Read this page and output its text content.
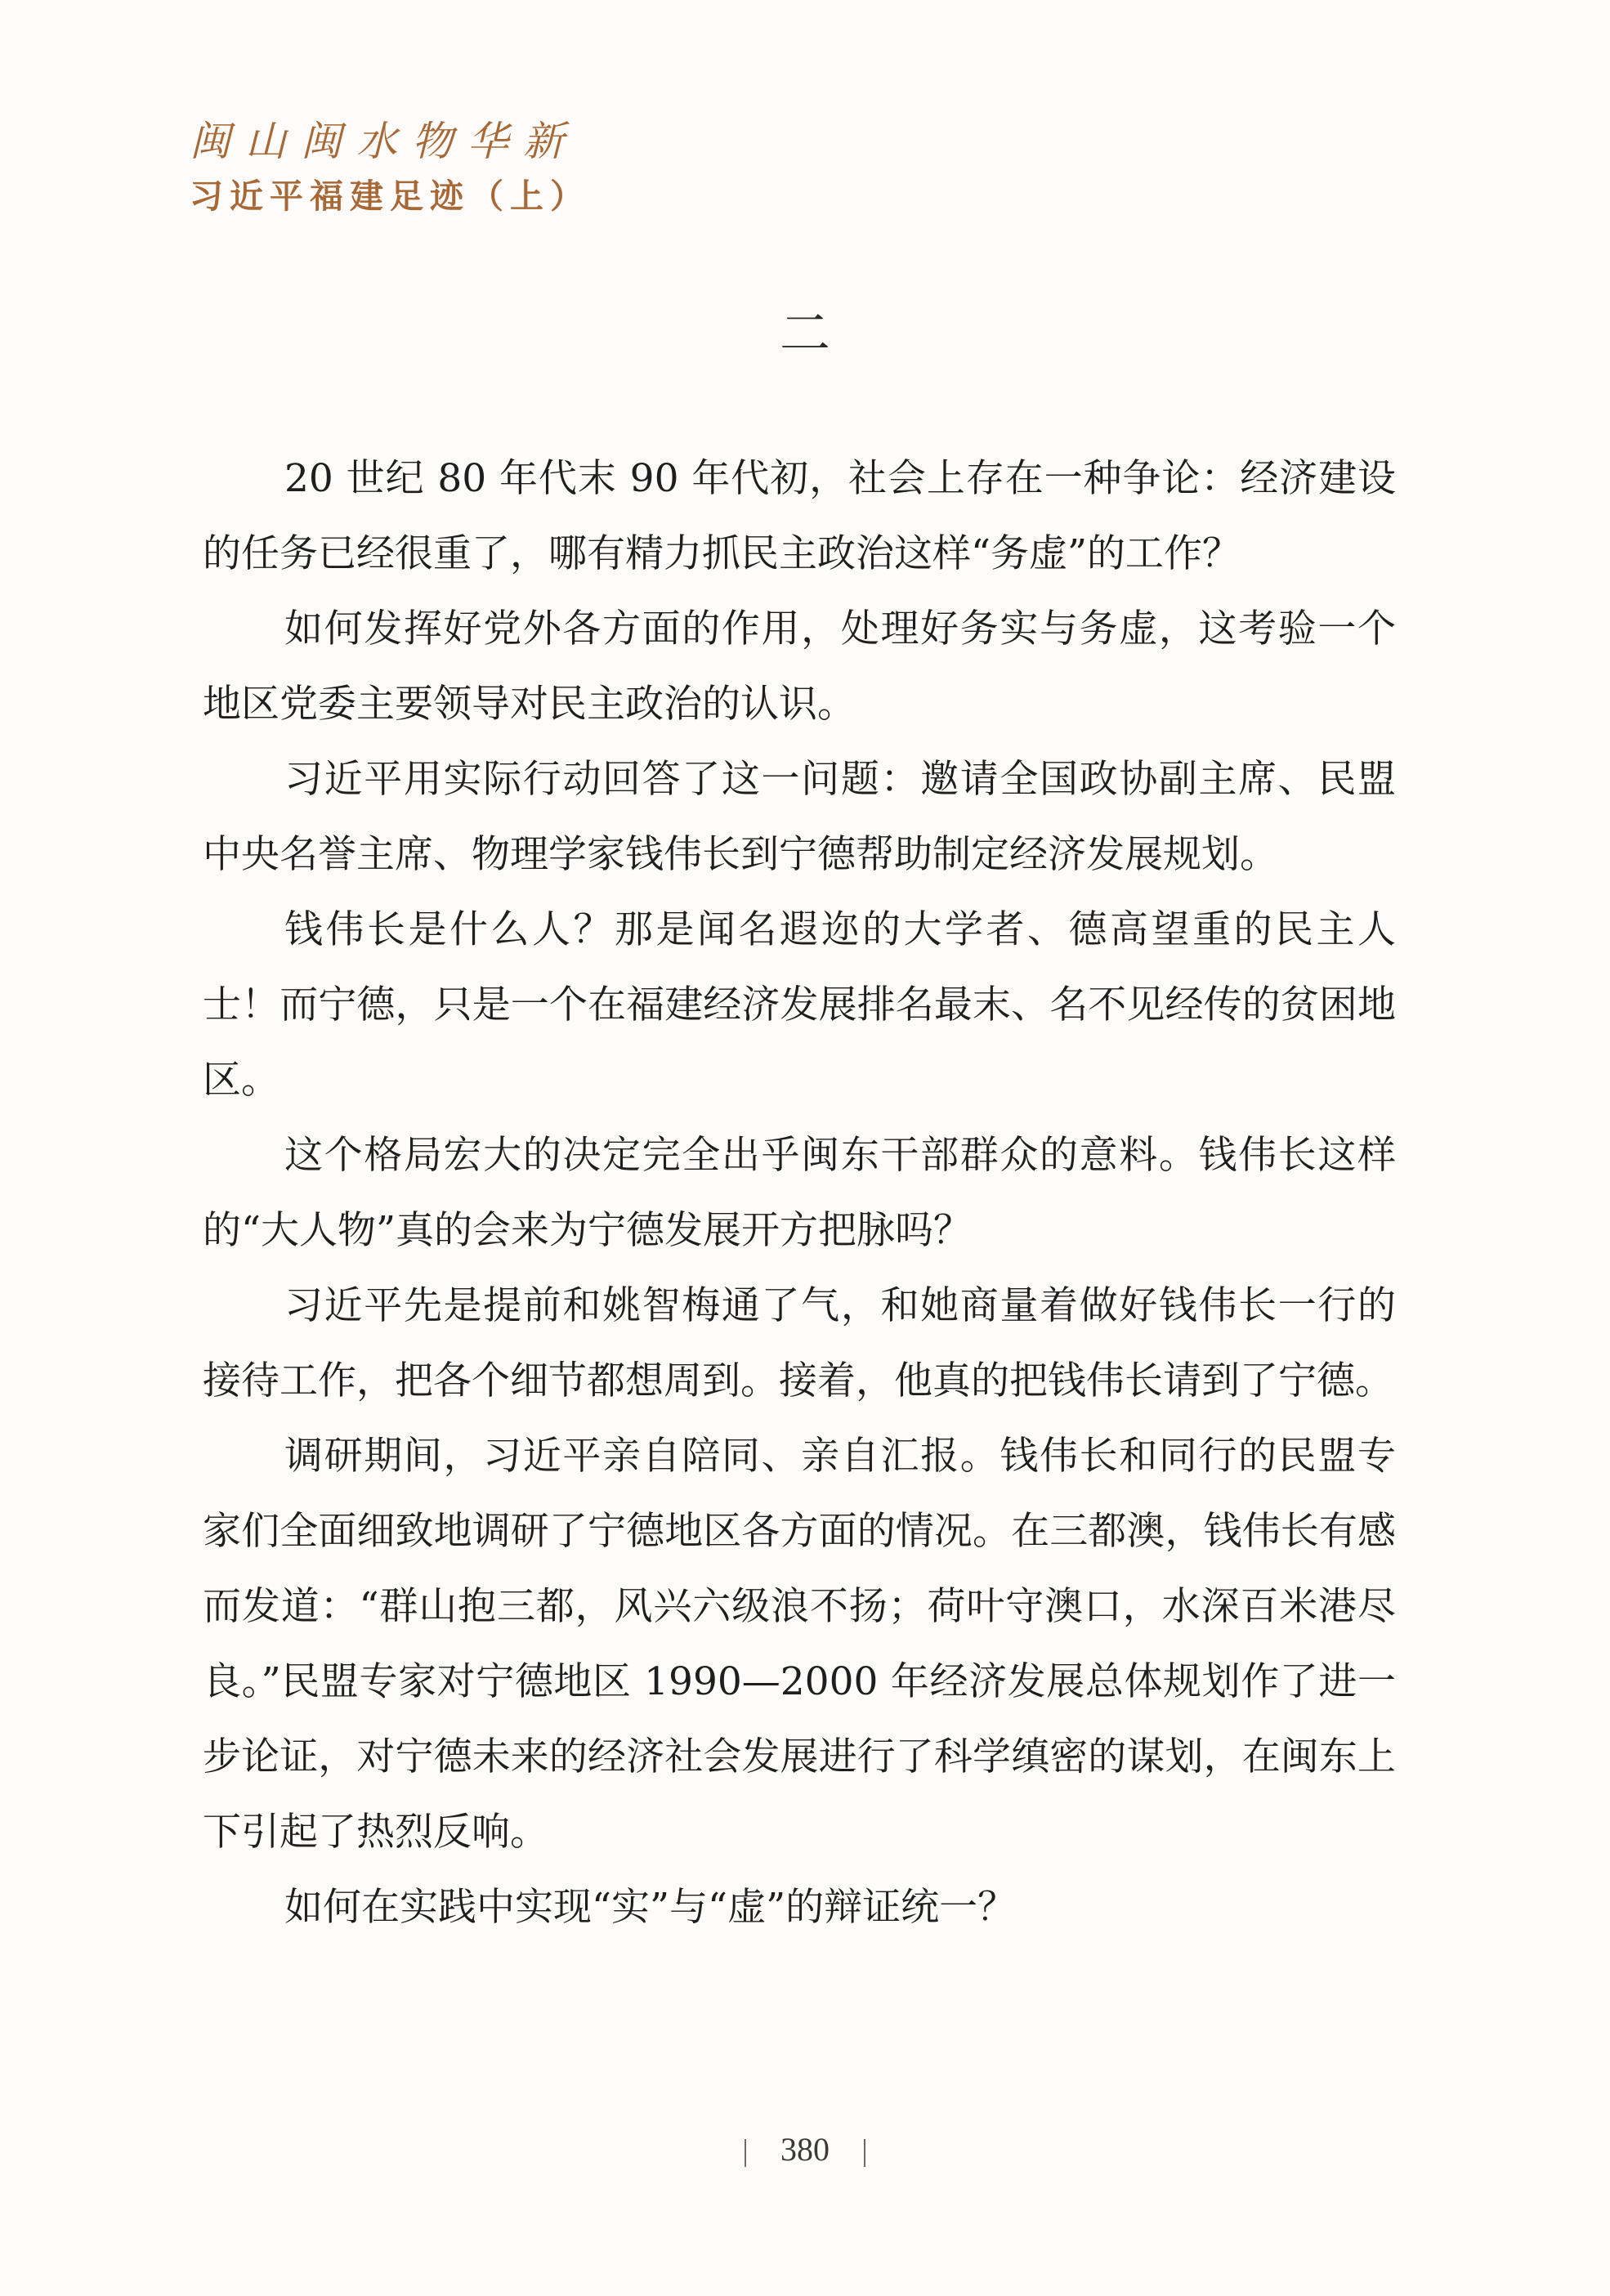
闽山闽水物华新
习近平福建足迹（上）
二

20 世纪 80 年代末 90 年代初，社会上存在一种争论：经济建设的任务已经很重了，哪有精力抓民主政治这样“务虚”的工作？

如何发挥好党外各方面的作用，处理好务实与务虚，这考验一个地区党委主要领导对民主政治的认识。

习近平用实际行动回答了这一问题：邀请全国政协副主席、民盟中央名誉主席、物理学家钱伟长到宁德帮助制定经济发展规划。

钱伟长是什么人？那是闻名遐迩的大学者、德高望重的民主人士！而宁德，只是一个在福建经济发展排名最末、名不见经传的贫困地区。

这个格局宏大的决定完全出乎闽东干部群众的意料。钱伟长这样的“大人物”真的会来为宁德发展开方把脉吗？

习近平先是提前和姚智梅通了气，和她商量着做好钱伟长一行的接待工作，把各个细节都想周到。接着，他真的把钱伟长请到了宁德。

调研期间，习近平亲自陪同、亲自汇报。钱伟长和同行的民盟专家们全面细致地调研了宁德地区各方面的情况。在三都澳，钱伟长有感而发道：“群山抱三都，风兴六级浪不扬；荷叶守澳口，水深百米港尽良。”民盟专家对宁德地区 1990—2000 年经济发展总体规划作了进一步论证，对宁德未来的经济社会发展进行了科学缜密的谋划，在闽东上下引起了热烈反响。

如何在实践中实现“实”与“虚”的辩证统一？

380
